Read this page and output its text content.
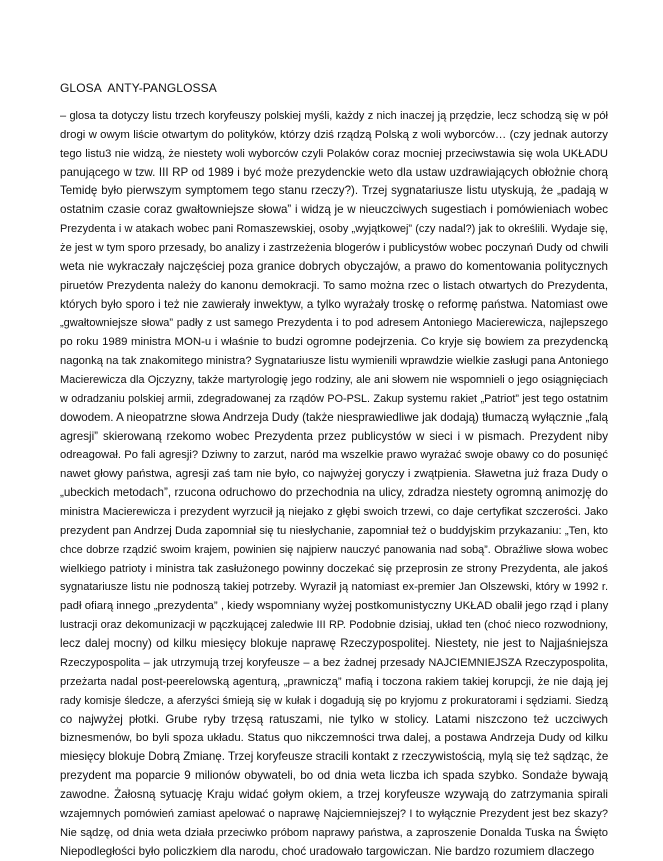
GLOSA  ANTY-PANGLOSSA
– glosa ta dotyczy listu trzech koryfeuszy polskiej myśli, każdy z nich inaczej ją przędzie, lecz schodzą się w pół
drogi w owym liście otwartym do polityków, którzy dziś rządzą Polską z woli wyborców… (czy jednak autorzy
tego listu3 nie widzą, że niestety woli wyborców czyli Polaków coraz mocniej przeciwstawia się wola UKŁADU
panującego w tzw. III RP od 1989 i być może prezydenckie weto dla ustaw uzdrawiających obłożnie chorą
Temidę było pierwszym symptomem tego stanu rzeczy?). Trzej sygnatariusze listu utyskują, że „padają w
ostatnim czasie coraz gwałtowniejsze słowa” i widzą je w nieuczciwych sugestiach i pomówieniach wobec
Prezydenta i w atakach wobec pani Romaszewskiej, osoby „wyjątkowej” (czy nadal?) jak to określili. Wydaje się,
że jest w tym sporo przesady, bo analizy i zastrzeżenia blogerów i publicystów wobec poczynań Dudy od chwili
weta nie wykraczały najczęściej poza granice dobrych obyczajów, a prawo do komentowania politycznych
piruetów Prezydenta należy do kanonu demokracji. To samo można rzec o listach otwartych do Prezydenta,
których było sporo i też nie zawierały inwektyw, a tylko wyrażały troskę o reformę państwa. Natomiast owe
„gwałtowniejsze słowa” padły z ust samego Prezydenta i to pod adresem Antoniego Macierewicza, najlepszego
po roku 1989 ministra MON-u i właśnie to budzi ogromne podejrzenia. Co kryje się bowiem za prezydencką
nagonką na tak znakomitego ministra? Sygnatariusze listu wymienili wprawdzie wielkie zasługi pana Antoniego
Macierewicza dla Ojczyzny, także martyrologię jego rodziny, ale ani słowem nie wspomnieli o jego osiągnięciach
w odradzaniu polskiej armii, zdegradowanej za rządów PO-PSL. Zakup systemu rakiet „Patriot” jest tego ostatnim
dowodem. A nieopatrzne słowa Andrzeja Dudy (także niesprawiedliwe jak dodają) tłumaczą wyłącznie „falą
agresji” skierowaną rzekomo wobec Prezydenta przez publicystów w sieci i w pismach. Prezydent niby
odreagował. Po fali agresji? Dziwny to zarzut, naród ma wszelkie prawo wyrażać swoje obawy co do posunięć
nawet głowy państwa, agresji zaś tam nie było, co najwyżej goryczy i zwątpienia. Sławetna już fraza Dudy o
„ubeckich metodach”, rzucona odruchowo do przechodnia na ulicy, zdradza niestety ogromną animozję do
ministra Macierewicza i prezydent wyrzucił ją niejako z głębi swoich trzewi, co daje certyfikat szczerości. Jako
prezydent pan Andrzej Duda zapomniał się tu niesłychanie, zapomniał też o buddyjskim przykazaniu: „Ten, kto
chce dobrze rządzić swoim krajem, powinien się najpierw nauczyć panowania nad sobą”. Obraźliwe słowa wobec
wielkiego patrioty i ministra tak zasłużonego powinny doczekać się przeprosin ze strony Prezydenta, ale jakoś
sygnatariusze listu nie podnoszą takiej potrzeby. Wyraził ją natomiast ex-premier Jan Olszewski, który w 1992 r.
padł ofiarą innego „prezydenta” , kiedy wspomniany wyżej postkomunistyczny UKŁAD obalił jego rząd i plany
lustracji oraz dekomunizacji w pączkującej zaledwie III RP. Podobnie dzisiaj, układ ten (choć nieco rozwodniony,
lecz dalej mocny) od kilku miesięcy blokuje naprawę Rzeczypospolitej. Niestety, nie jest to Najjaśniejsza
Rzeczypospolita – jak utrzymują trzej koryfeusze – a bez żadnej przesady NAJCIEMNIEJSZA Rzeczypospolita,
przeżarta nadal post-peerelowską agenturą, „prawniczą” mafią i toczona rakiem takiej korupcji, że nie dają jej
rady komisje śledcze, a aferzyści śmieją się w kułak i dogadują się po kryjomu z prokuratorami i sędziami. Siedzą
co najwyżej płotki. Grube ryby trzęsą ratuszami, nie tylko w stolicy. Latami niszczono też uczciwych
biznesmenów, bo byli spoza układu. Status quo nikczemności trwa dalej, a postawa Andrzeja Dudy od kilku
miesięcy blokuje Dobrą Zmianę. Trzej koryfeusze stracili kontakt z rzeczywistością, mylą się też sądząc, że
prezydent ma poparcie 9 milionów obywateli, bo od dnia weta liczba ich spada szybko. Sondaże bywają
zawodne. Żałosną sytuację Kraju widać gołym okiem, a trzej koryfeusze wzywają do zatrzymania spirali
wzajemnych pomówień zamiast apelować o naprawę Najciemniejszej? I to wyłącznie Prezydent jest bez skazy?
Nie sądzę, od dnia weta działa przeciwko próbom naprawy państwa, a zaproszenie Donalda Tuska na Święto
Niepodległości było policzkiem dla narodu, choć uradowało targowiczan. Nie bardzo rozumiem dlaczego
